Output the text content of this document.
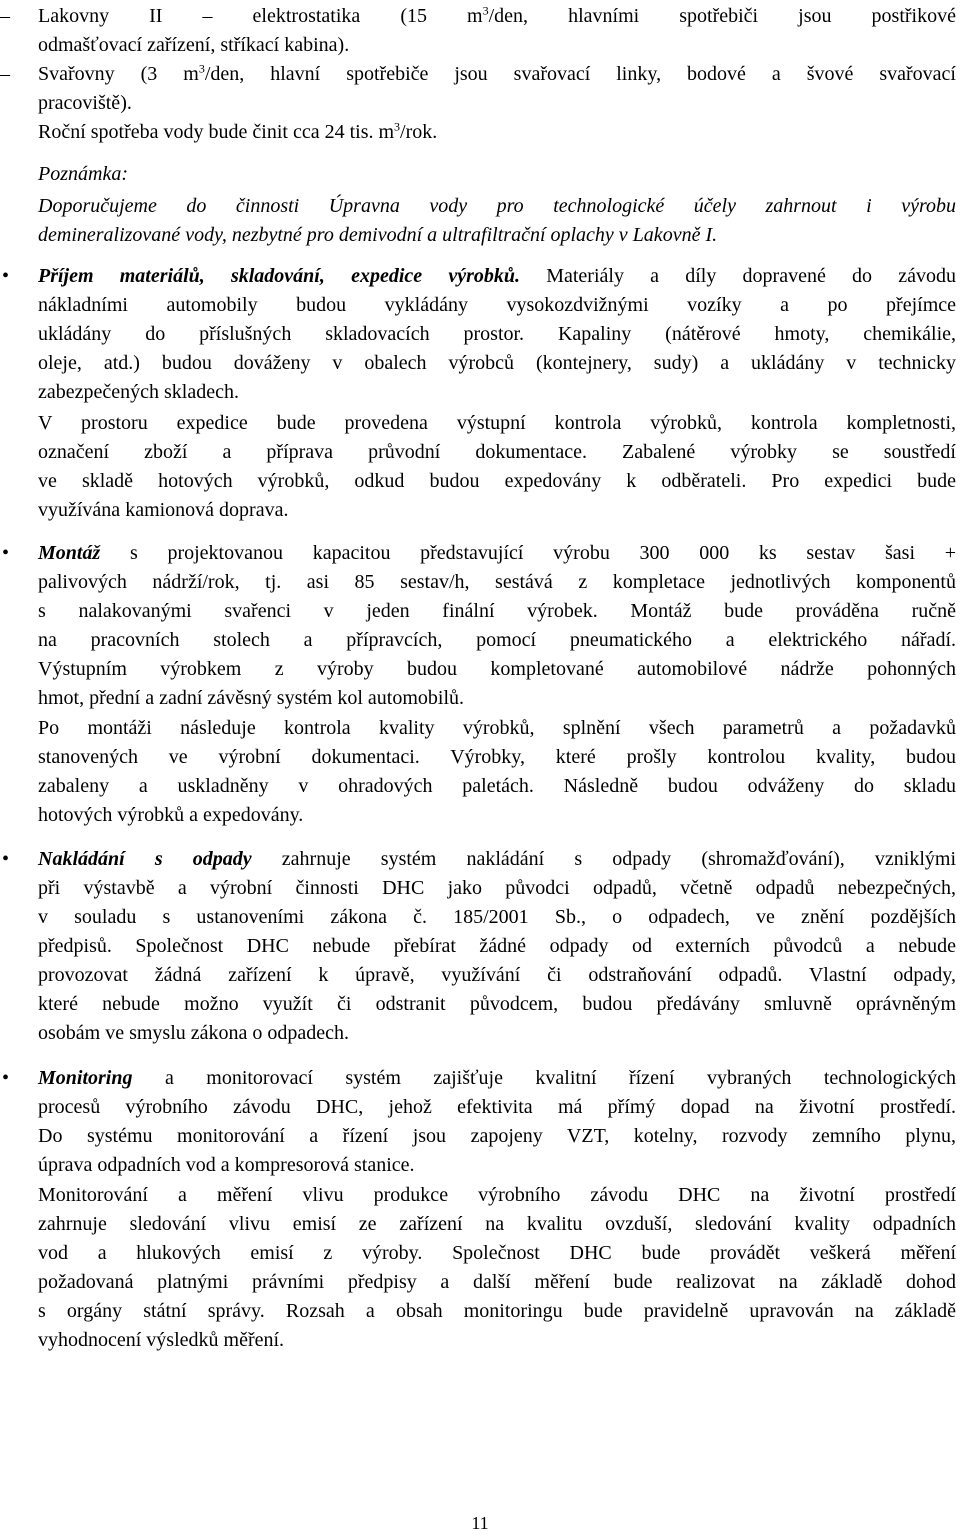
– Lakovny II – elektrostatika (15 $m^3$/den, hlavními spotřebiči jsou postřikové
odmašťovací zařízení, stříkací kabina).
– Svařovny (3 $m^3$/den, hlavní spotřebiče jsou svařovací linky, bodové a švové svařovací
pracoviště).
Roční spotřeba vody bude činit cca 24 tis. $m^3$/rok.
Poznámka:
Doporučujeme do činnosti Úpravna vody pro technologické účely zahrnout i výrobu
demineralizované vody, nezbytné pro demivodní a ultrafiltrační oplachy v Lakovně I.
• Příjem materiálů, skladování, expedice výrobků. Materiály a díly dopravené do závodu
nákladními automobily budou vykládány vysokozdvižnými vozíky a po přejímce
ukládány do příslušných skladovacích prostor. Kapaliny (nátěrové hmoty, chemikálie,
oleje, atd.) budou dováženy v obalech výrobců (kontejnery, sudy) a ukládány v technicky
zabezpečených skladech.
V prostoru expedice bude provedena výstupní kontrola výrobků, kontrola kompletnosti,
označení zboží a příprava průvodní dokumentace. Zabalené výrobky se soustředí
ve skladě hotových výrobků, odkud budou expedovány k odběrateli. Pro expedici bude
využívána kamionová doprava.
• Montáž s projektovanou kapacitou představující výrobu 300 000 ks sestav šasi +
palivových nádrží/rok, tj. asi 85 sestav/h, sestává z kompletace jednotlivých komponentů
s nalakovanými svařenci v jeden finální výrobek. Montáž bude prováděna ručně
na pracovních stolech a přípravcích, pomocí pneumatického a elektrického nářadí.
Výstupním výrobkem z výroby budou kompletované automobilové nádrže pohonných
hmot, přední a zadní závěsný systém kol automobilů.
Po montáži následuje kontrola kvality výrobků, splnění všech parametrů a požadavků
stanovených ve výrobní dokumentaci. Výrobky, které prošly kontrolou kvality, budou
zabaleny a uskladněny v ohradových paletách. Následně budou odváženy do skladu
hotových výrobků a expedovány.
• Nakládání s odpady zahrnuje systém nakládání s odpady (shromažďování), vzniklými
při výstavbě a výrobní činnosti DHC jako původci odpadů, včetně odpadů nebezpečných,
v souladu s ustanoveními zákona č. 185/2001 Sb., o odpadech, ve znění pozdějších
předpisů. Společnost DHC nebude přebírat žádné odpady od externích původců a nebude
provozovat žádná zařízení k úpravě, využívání či odstraňování odpadů. Vlastní odpady,
které nebude možno využít či odstranit původcem, budou předávány smluvně oprávněným
osobám ve smyslu zákona o odpadech.
• Monitoring a monitorovací systém zajišťuje kvalitní řízení vybraných technologických
procesů výrobního závodu DHC, jehož efektivita má přímý dopad na životní prostředí.
Do systému monitorování a řízení jsou zapojeny VZT, kotelny, rozvody zemního plynu,
úprava odpadních vod a kompresorová stanice.
Monitorování a měření vlivu produkce výrobního závodu DHC na životní prostředí
zahrnuje sledování vlivu emisí ze zařízení na kvalitu ovzduší, sledování kvality odpadních
vod a hlukových emisí z výroby. Společnost DHC bude provádět veškerá měření
požadovaná platnými právními předpisy a další měření bude realizovat na základě dohod
s orgány státní správy. Rozsah a obsah monitoringu bude pravidelně upravován na základě
vyhodnocení výsledků měření.
11
